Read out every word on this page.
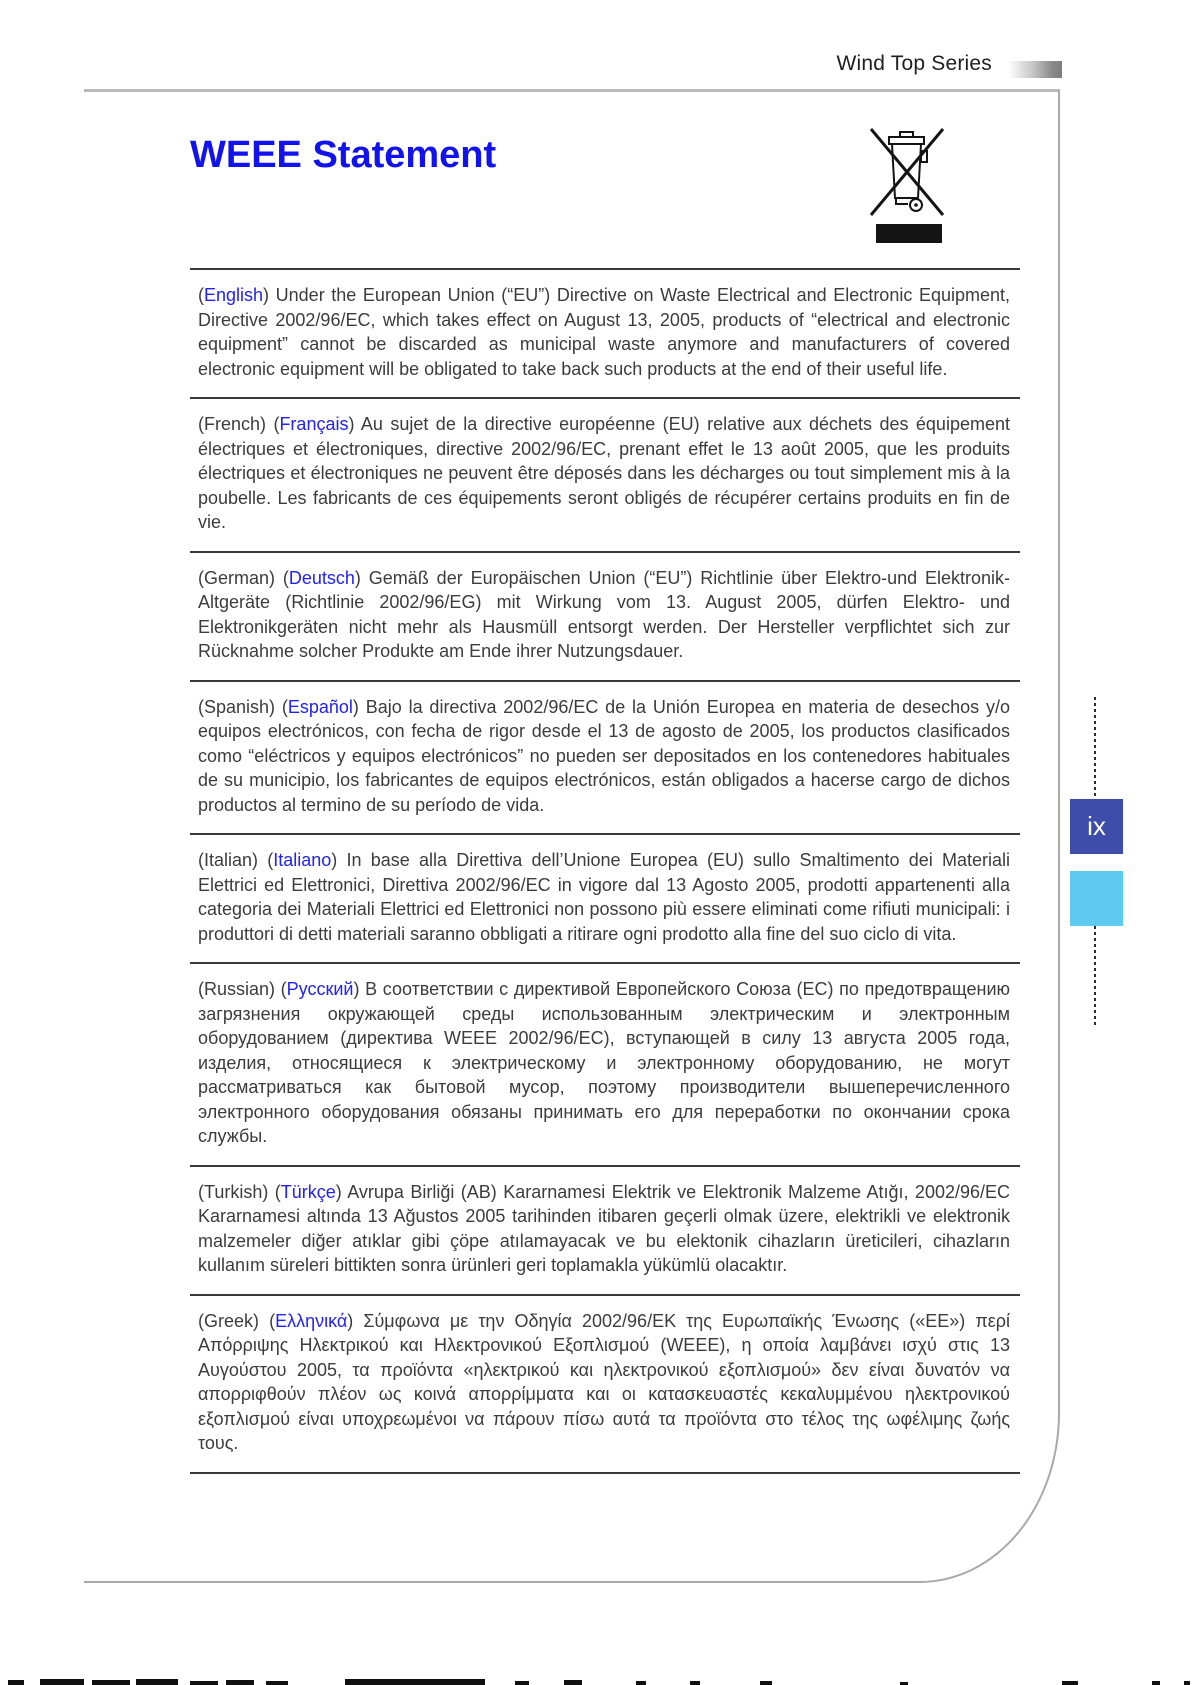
Wind Top Series
WEEE Statement

(English) Under the European Union (“EU”) Directive on Waste Electrical and Electronic Equipment, Directive 2002/96/EC, which takes effect on August 13, 2005, products of “electrical and electronic equipment” cannot be discarded as municipal waste anymore and manufacturers of covered electronic equipment will be obligated to take back such products at the end of their useful life.

(French) (Français) Au sujet de la directive européenne (EU) relative aux déchets des équipement électriques et électroniques, directive 2002/96/EC, prenant effet le 13 août 2005, que les produits électriques et électroniques ne peuvent être déposés dans les décharges ou tout simplement mis à la poubelle. Les fabricants de ces équipements seront obligés de récupérer certains produits en fin de vie.

(German) (Deutsch) Gemäß der Europäischen Union (“EU”) Richtlinie über Elektro-und Elektronik-Altgeräte (Richtlinie 2002/96/EG) mit Wirkung vom 13. August 2005, dürfen Elektro- und Elektronikgeräten nicht mehr als Hausmüll entsorgt werden. Der Hersteller verpflichtet sich zur Rücknahme solcher Produkte am Ende ihrer Nutzungsdauer.

(Spanish) (Español) Bajo la directiva 2002/96/EC de la Unión Europea en materia de desechos y/o equipos electrónicos, con fecha de rigor desde el 13 de agosto de 2005, los productos clasificados como “eléctricos y equipos electrónicos” no pueden ser depositados en los contenedores habituales de su municipio, los fabricantes de equipos electrónicos, están obligados a hacerse cargo de dichos productos al termino de su período de vida.

(Italian) (Italiano) In base alla Direttiva dell’Unione Europea (EU) sullo Smaltimento dei Materiali Elettrici ed Elettronici, Direttiva 2002/96/EC in vigore dal 13 Agosto 2005, prodotti appartenenti alla categoria dei Materiali Elettrici ed Elettronici non possono più essere eliminati come rifiuti municipali: i produttori di detti materiali saranno obbligati a ritirare ogni prodotto alla fine del suo ciclo di vita.

(Russian) (Русский) В соответствии с директивой Европейского Союза (ЕС) по предотвращению загрязнения окружающей среды использованным электрическим и электронным оборудованием (директива WEEE 2002/96/EC), вступающей в силу 13 августа 2005 года, изделия, относящиеся к электрическому и электронному оборудованию, не могут рассматриваться как бытовой мусор, поэтому производители вышеперечисленного электронного оборудования обязаны принимать его для переработки по окончании срока службы.

(Turkish) (Türkçe) Avrupa Birliği (AB) Kararnamesi Elektrik ve Elektronik Malzeme Atığı, 2002/96/EC Kararnamesi altında 13 Ağustos 2005 tarihinden itibaren geçerli olmak üzere, elektrikli ve elektronik malzemeler diğer atıklar gibi çöpe atılamayacak ve bu elektonik cihazların üreticileri, cihazların kullanım süreleri bittikten sonra ürünleri geri toplamakla yükümlü olacaktır.

(Greek) (Ελληνικά) Σύμφωνα με την Οδηγία 2002/96/ΕΚ της Ευρωπαϊκής Ένωσης («ΕΕ») περί Απόρριψης Ηλεκτρικού και Ηλεκτρονικού Εξοπλισμού (WEEE), η οποία λαμβάνει ισχύ στις 13 Αυγούστου 2005, τα προϊόντα «ηλεκτρικού και ηλεκτρονικού εξοπλισμού» δεν είναι δυνατόν να απορριφθούν πλέον ως κοινά απορρίμματα και οι κατασκευαστές κεκαλυμμένου ηλεκτρονικού εξοπλισμού είναι υποχρεωμένοι να πάρουν πίσω αυτά τα προϊόντα στο τέλος της ωφέλιμης ζωής τους.

ix
